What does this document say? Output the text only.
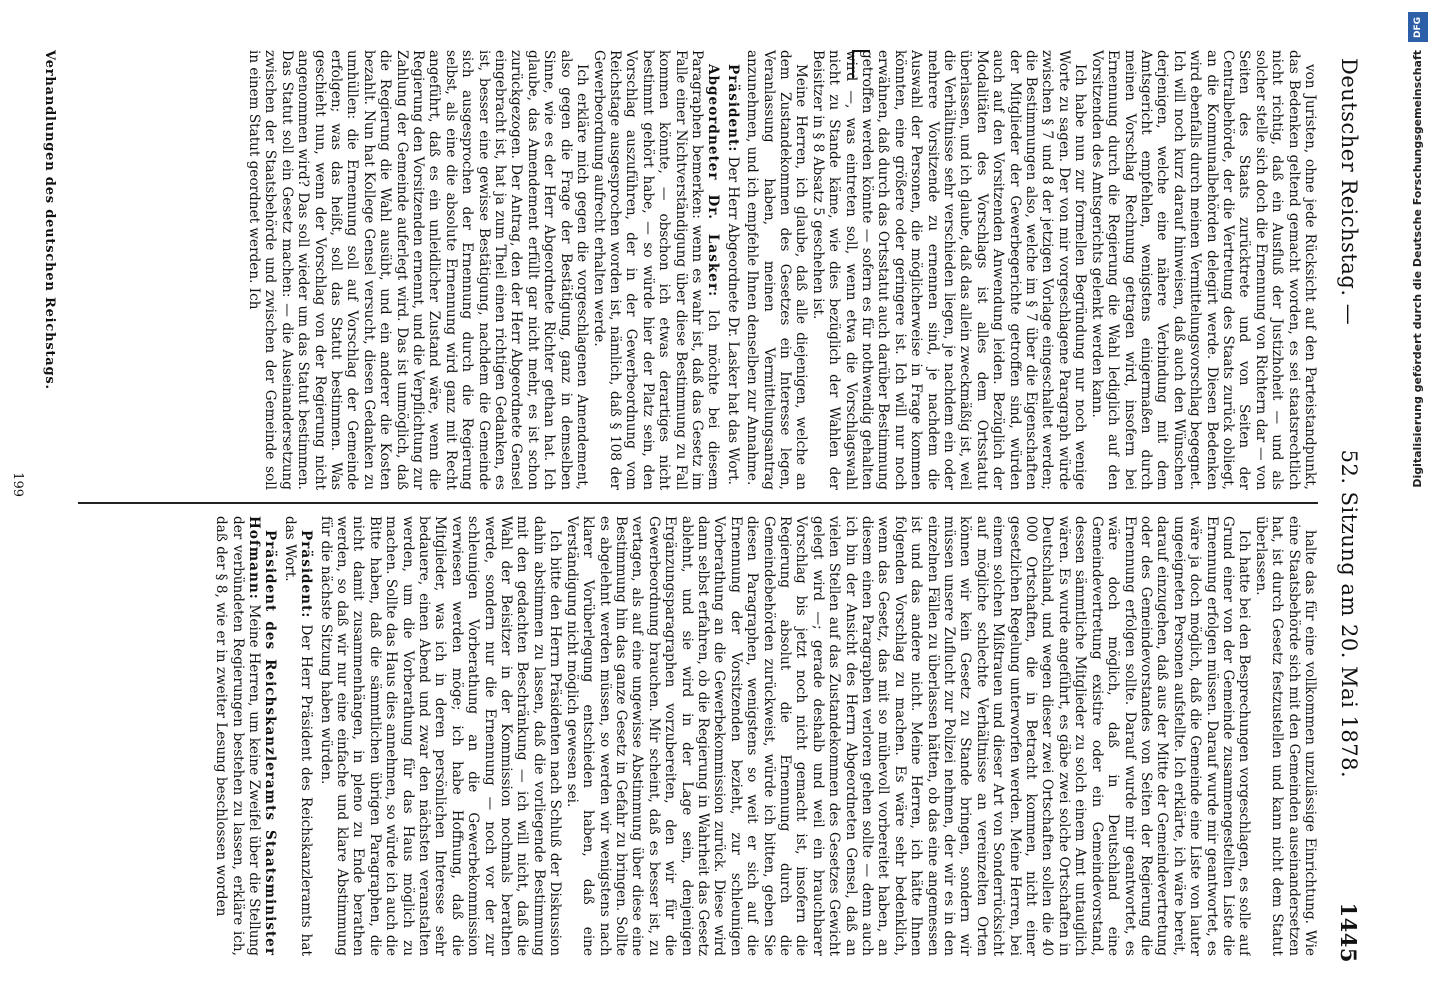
Deutscher Reichstag. —
52. Sitzung am 20. Mai 1878.
1445

von Juristen, ohne jede Rücksicht auf den Parteistandpunkt, das Bedenken geltend gemacht worden, es sei staatsrechtlich nicht richtig, daß ein Ausfluß der Justizhoheit — und als solcher stelle sich doch die Ernennung von Richtern dar — von Seiten des Staats zurücktrete und von Seiten der Centralbehörde, der die Vertretung des Staats zurück obliegt, an die Kommunalbehörden delegirt werde. Diesen Bedenken wird ebenfalls durch meinen Vermittelungsvorschlag begegnet. Ich will noch kurz darauf hinweisen, daß auch den Wünschen derjenigen, welche eine nähere Verbindung mit dem Amtsgericht empfehlen, wenigstens einigermaßen durch meinen Vorschlag Rechnung getragen wird, insofern bei Ernennung durch die Regierung die Wahl lediglich auf den Vorsitzenden des Amtsgerichts gelenkt werden kann.

Ich habe nun zur formellen Begründung nur noch wenige Worte zu sagen. Der von mir vorgeschlagene Paragraph würde zwischen § 7 und 8 der jetzigen Vorlage eingeschaltet werden; die Bestimmungen also, welche im § 7 über die Eigenschaften der Mitglieder der Gewerbegerichte getroffen sind, würden auch auf den Vorsitzenden Anwendung leiden. Bezüglich der Modalitäten des Vorschlags ist alles dem Ortsstatut überlassen, und ich glaube, daß das allein zweckmäßig ist, weil die Verhältnisse sehr verschieden liegen, je nachdem ein oder mehrere Vorsitzende zu ernennen sind, je nachdem die Auswahl der Personen, die möglicherweise in Frage kommen könnten, eine größere oder geringere ist. Ich will nur noch erwähnen, daß durch das Ortsstatut auch darüber Bestimmung getroffen werden könnte — sofern es für nothwendig gehalten wird —, was eintreten soll, wenn etwa die Vorschlagswahl nicht zu Stande käme, wie dies bezüglich der Wahlen der Beisitzer in § 8 Absatz 5 geschehen ist.

Meine Herren, ich glaube, daß alle diejenigen, welche an dem Zustandekommen des Gesetzes ein Interesse legen, Veranlassung haben, meinen Vermittelungsantrag anzunehmen, und ich empfehle Ihnen denselben zur Annahme.

Präsident: Der Herr Abgeordnete Dr. Lasker hat das Wort.

Abgeordneter Dr. Lasker: Ich möchte bei diesem Paragraphen bemerken: wenn es wahr ist, daß das Gesetz im Falle einer Nichtverständigung über diese Bestimmung zu Fall kommen könnte, — obschon ich etwas derartiges nicht bestimmt gehört habe, — so würde hier der Platz sein, den Vorschlag auszuführen, der in der Gewerbeordnung vom Reichstage ausgesprochen worden ist, nämlich, daß § 108 der Gewerbeordnung aufrecht erhalten werde.

Ich erkläre mich gegen die vorgeschlagenen Amendement, also gegen die Frage der Bestätigung, ganz in demselben Sinne, wie es der Herr Abgeordnete Richter gethan hat. Ich glaube, das Amendement erfüllt gar nicht mehr, es ist schon zurückgezogen. Der Antrag, den der Herr Abgeordnete Gensel eingebracht ist, hat ja zum Theil einen richtigen Gedanken, es ist, besser eine gewisse Bestätigung, nachdem die Gemeinde sich ausgesprochen der Ernennung durch die Regierung selbst, als eine die absolute Ernennung wird ganz mit Recht angeführt, daß es ein unleidlicher Zustand wäre, wenn die Regierung den Vorsitzenden ernennt, und die Verpflichtung zur Zahlung der Gemeinde auferlegt wird. Das ist unmöglich, daß die Regierung die Wahl ausübt, und ein anderer die Kosten bezahlt. Nun hat Kollege Gensel versucht, diesen Gedanken zu umhüllen: die Ernennung soll auf Vorschlag der Gemeinde erfolgen; was das heißt, soll das Statut bestimmen. Was geschieht nun, wenn der Vorschlag von der Regierung nicht angenommen wird? Das soll wieder um das Statut bestimmen. Das Statut soll ein Gesetz machen: — die Auseinandersetzung zwischen der Staatsbehörde und zwischen der Gemeinde soll in einem Statut geordnet werden. Ich

halte das für eine vollkommen unzulässige Einrichtung. Wie eine Staatsbehörde sich mit den Gemeinden auseinandersetzen hat, ist durch Gesetz festzustellen und kann nicht dem Statut überlassen.

Ich hatte bei den Besprechungen vorgeschlagen, es solle auf Grund einer von der Gemeinde zusammengestellten Liste die Ernennung erfolgen müssen. Darauf wurde mir geantwortet, es wäre ja doch möglich, daß die Gemeinde eine Liste von lauter ungeeigneten Personen aufstellte. Ich erklärte, ich wäre bereit, darauf einzugehen, daß aus der Mitte der Gemeindevertretung oder des Gemeindevorstandes von Seiten der Regierung die Ernennung erfolgen sollte. Darauf wurde mir geantwortet, es wäre doch möglich, daß in Deutschland eine Gemeindevertretung existire oder ein Gemeindevorstand, dessen sämmtliche Mitglieder zu solch einem Amt untauglich wären. Es wurde angeführt, es gäbe zwei solche Ortschaften in Deutschland, und wegen dieser zwei Ortschaften sollen die 40 000 Ortschaften, die in Betracht kommen, nicht einer gesetzlichen Regelung unterworfen werden. Meine Herren, bei einem solchen Mißtrauen und dieser Art von Sonderrücksicht auf mögliche schlechte Verhältnisse an vereinzelten Orten können wir kein Gesetz zu Stande bringen, sondern wir müssen unsere Zuflucht zur Polizei nehmen, der wir es in den einzelnen Fällen zu überlassen hätten, ob das eine angemessen ist und das andere nicht. Meine Herren, ich hätte Ihnen folgenden Vorschlag zu machen. Es wäre sehr bedenklich, wenn das Gesetz, das mit so mühevoll vorbereitet haben, an diesem einen Paragraphen verloren gehen sollte — denn auch ich bin der Ansicht des Herrn Abgeordneten Gensel, daß an vielen Stellen auf das Zustandekommen des Gesetzes Gewicht gelegt wird —; gerade deshalb und weil ein brauchbarer Vorschlag bis jetzt noch nicht gemacht ist, insofern die Regierung absolut die Ernennung durch die Gemeindebehörden zurückweist, würde ich bitten, geben Sie diesen Paragraphen, wenigstens so weit er sich auf die Ernennung der Vorsitzenden bezieht, zur schleunigen Vorberathung an die Gewerbekommission zurück. Diese wird dann selbst erfahren, ob die Regierung in Wahrheit das Gesetz ablehnt, und sie wird in der Lage sein, denjenigen Ergänzungsparagraphen vorzubereiten, den wir für die Gewerbeordnung brauchen. Mir scheint, daß es besser ist, zu vertagen, als auf eine ungewisse Abstimmung über diese eine Bestimmung hin das ganze Gesetz in Gefahr zu bringen. Sollte es abgelehnt werden müssen, so werden wir wenigstens nach klarer Vorüberlegung entschieden haben, daß eine Verständigung nicht möglich gewesen sei.

Ich bitte den Herrn Präsidenten nach Schluß der Diskussion dahin abstimmen zu lassen, daß die vorliegende Bestimmung mit den gedachten Beschränkung — ich will nicht, daß die Wahl der Beisitzer in der Kommission nochmals berathen werde, sondern nur die Ernennung — noch vor der zur schleunigen Vorberathung an die Gewerbekommission verwiesen werden möge; ich habe Hoffnung, daß die Mitglieder, was ich in deren persönlichen Interesse sehr bedauere, einen Abend und zwar den nächsten veranstalten werden, um die Vorberathung für das Haus möglich zu machen. Sollte das Haus dies annehmen, so würde ich auch die Bitte haben, daß die sämmtlichen übrigen Paragraphen, die nicht damit zusammenhängen, in pleno zu Ende berathen werden, so daß wir nur eine einfache und klare Abstimmung für die nächste Sitzung haben würden.

Präsident: Der Herr Präsident des Reichskanzleramts hat das Wort.

Präsident des Reichskanzleramts Staatsminister Hofmann: Meine Herren, um keine Zweifel über die Stellung der verbündeten Regierungen bestehen zu lassen, erkläre ich, daß der § 8, wie er in zweiter Lesung beschlossen worden

Verhandlungen des deutschen Reichstags.
199
DFG
Digitalisierung gefördert durch die Deutsche Forschungsgemeinschaft
